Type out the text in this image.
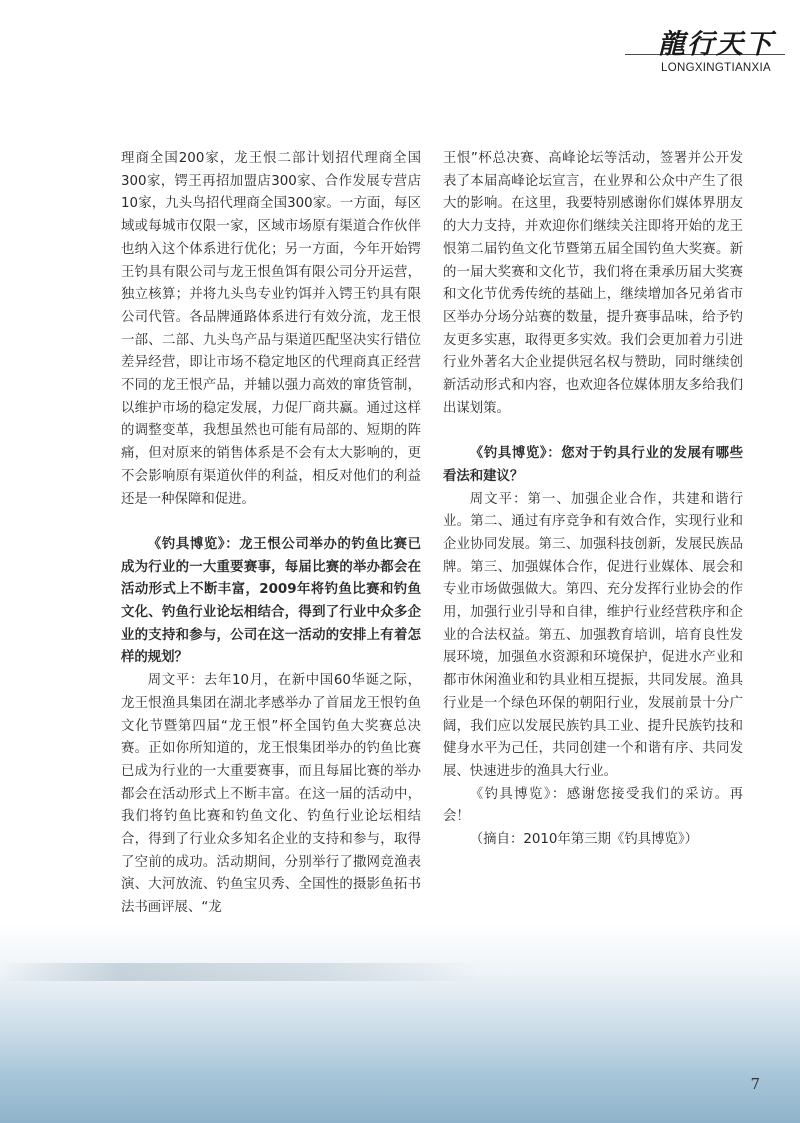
龍行天下
LONGXINGTIANXIA

理商全国200家，龙王恨二部计划招代理商全国300家，锷王再招加盟店300家、合作发展专营店10家，九头鸟招代理商全国300家。一方面，每区域或每城市仅限一家，区域市场原有渠道合作伙伴也纳入这个体系进行优化；另一方面，今年开始锷王钓具有限公司与龙王恨鱼饵有限公司分开运营，独立核算；并将九头鸟专业钓饵并入锷王钓具有限公司代管。各品牌通路体系进行有效分流，龙王恨一部、二部、九头鸟产品与渠道匹配坚决实行错位差异经营，即让市场不稳定地区的代理商真正经营不同的龙王恨产品，并辅以强力高效的窜货管制，以维护市场的稳定发展，力促厂商共赢。通过这样的调整变革，我想虽然也可能有局部的、短期的阵痛，但对原来的销售体系是不会有太大影响的，更不会影响原有渠道伙伴的利益，相反对他们的利益还是一种保障和促进。

《钓具博览》：龙王恨公司举办的钓鱼比赛已成为行业的一大重要赛事，每届比赛的举办都会在活动形式上不断丰富，2009年将钓鱼比赛和钓鱼文化、钓鱼行业论坛相结合，得到了行业中众多企业的支持和参与，公司在这一活动的安排上有着怎样的规划？

周文平：去年10月，在新中国60华诞之际，龙王恨渔具集团在湖北孝感举办了首届龙王恨钓鱼文化节暨第四届“龙王恨”杯全国钓鱼大奖赛总决赛。正如你所知道的，龙王恨集团举办的钓鱼比赛已成为行业的一大重要赛事，而且每届比赛的举办都会在活动形式上不断丰富。在这一届的活动中，我们将钓鱼比赛和钓鱼文化、钓鱼行业论坛相结合，得到了行业众多知名企业的支持和参与，取得了空前的成功。活动期间，分别举行了撒网竞渔表演、大河放流、钓鱼宝贝秀、全国性的摄影鱼拓书法书画评展、“龙

王恨”杯总决赛、高峰论坛等活动，签署并公开发表了本届高峰论坛宣言，在业界和公众中产生了很大的影响。在这里，我要特别感谢你们媒体界朋友的大力支持，并欢迎你们继续关注即将开始的龙王恨第二届钓鱼文化节暨第五届全国钓鱼大奖赛。新的一届大奖赛和文化节，我们将在秉承历届大奖赛和文化节优秀传统的基础上，继续增加各兄弟省市区举办分场分站赛的数量，提升赛事品味，给予钓友更多实惠，取得更多实效。我们会更加着力引进行业外著名大企业提供冠名权与赞助，同时继续创新活动形式和内容，也欢迎各位媒体朋友多给我们出谋划策。

《钓具博览》：您对于钓具行业的发展有哪些看法和建议？

周文平：第一、加强企业合作，共建和谐行业。第二、通过有序竞争和有效合作，实现行业和企业协同发展。第三、加强科技创新，发展民族品牌。第三、加强媒体合作，促进行业媒体、展会和专业市场做强做大。第四、充分发挥行业协会的作用，加强行业引导和自律，维护行业经营秩序和企业的合法权益。第五、加强教育培训，培育良性发展环境，加强鱼水资源和环境保护，促进水产业和都市休闲渔业和钓具业相互提振，共同发展。渔具行业是一个绿色环保的朝阳行业，发展前景十分广阔，我们应以发展民族钓具工业、提升民族钓技和健身水平为己任，共同创建一个和谐有序、共同发展、快速进步的渔具大行业。

《钓具博览》：感谢您接受我们的采访。再会！

（摘自：2010年第三期《钓具博览》）

7
